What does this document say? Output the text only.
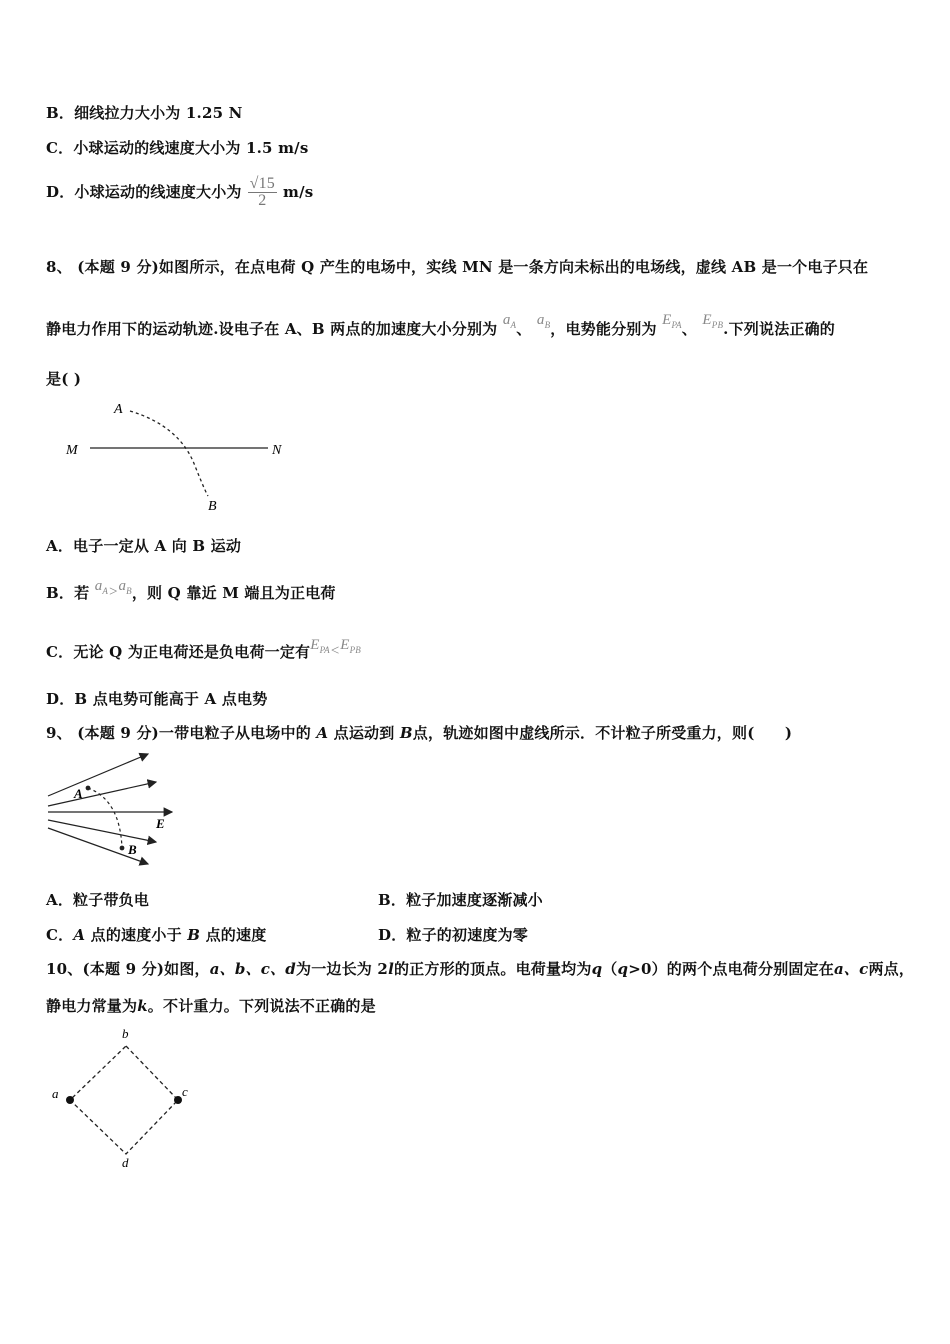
B．细线拉力大小为 1.25 N
C．小球运动的线速度大小为 1.5 m/s
D．小球运动的线速度大小为 $\frac{√15}{2} m/s$
8、 (本题 9 分)如图所示，在点电荷 Q 产生的电场中，实线 MN 是一条方向未标出的电场线，虚线 AB 是一个电子只在
静电力作用下的运动轨迹.设电子在 A、B 两点的加速度大小分别为 $a_A$、 $a_B$，电势能分别为 $E_{PA}$、 $E_{PB}$.下列说法正确的
是( )
A
B
M	N
A．电子一定从 A 向 B 运动
B．若 $a_A>a_B$，则 Q 靠近 M 端且为正电荷
C．无论 Q 为正电荷还是负电荷一定有$E_{PA}<E_{PB}$
D．B 点电势可能高于 A 点电势
9、 (本题 9 分)一带电粒子从电场中的 A 点运动到 B点，轨迹如图中虚线所示．不计粒子所受重力，则(　　)
A
B
E
A．粒子带负电	B．粒子加速度逐渐减小
C．A 点的速度小于 B 点的速度	D．粒子的初速度为零
10、(本题 9 分)如图，a、b、c、d为一边长为 2l的正方形的顶点。电荷量均为q（q>0）的两个点电荷分别固定在a、c两点，
静电力常量为k。不计重力。下列说法不正确的是
b
a	c
d
